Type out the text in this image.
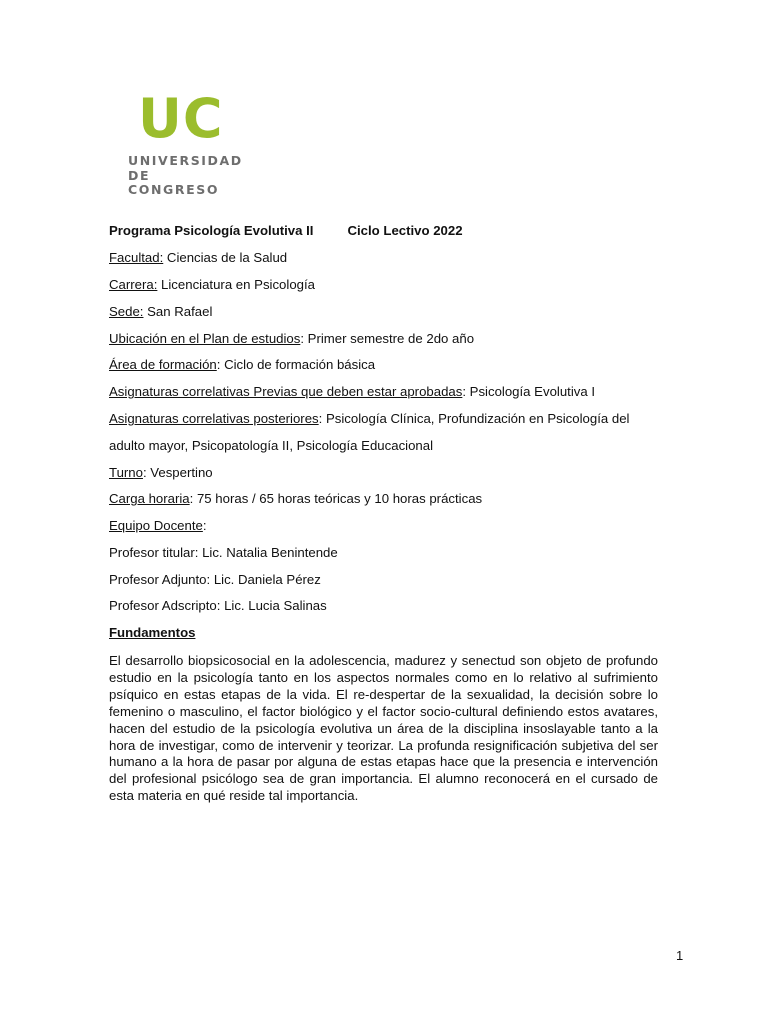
UC
UNIVERSIDAD
DE CONGRESO
Programa Psicología Evolutiva II	Ciclo Lectivo 2022
Facultad: Ciencias de la Salud
Carrera: Licenciatura en Psicología
Sede: San Rafael
Ubicación en el Plan de estudios: Primer semestre de 2do año
Área de formación: Ciclo de formación básica
Asignaturas correlativas Previas que deben estar aprobadas: Psicología Evolutiva I
Asignaturas correlativas posteriores: Psicología Clínica, Profundización en Psicología del
adulto mayor, Psicopatología II, Psicología Educacional
Turno: Vespertino
Carga horaria: 75 horas / 65 horas teóricas y 10 horas prácticas
Equipo Docente:
Profesor titular: Lic. Natalia Benintende
Profesor Adjunto: Lic. Daniela Pérez
Profesor Adscripto: Lic. Lucia Salinas
Fundamentos
El desarrollo biopsicosocial en la adolescencia, madurez y senectud son objeto de profundo estudio en la psicología tanto en los aspectos normales como en lo relativo al sufrimiento psíquico en estas etapas de la vida. El re-despertar de la sexualidad, la decisión sobre lo femenino o masculino, el factor biológico y el factor socio-cultural definiendo estos avatares, hacen del estudio de la psicología evolutiva un área de la disciplina insoslayable tanto a la hora de investigar, como de intervenir y teorizar. La profunda resignificación subjetiva del ser humano a la hora de pasar por alguna de estas etapas hace que la presencia e intervención del profesional psicólogo sea de gran importancia. El alumno reconocerá en el cursado de esta materia en qué reside tal importancia.
1
